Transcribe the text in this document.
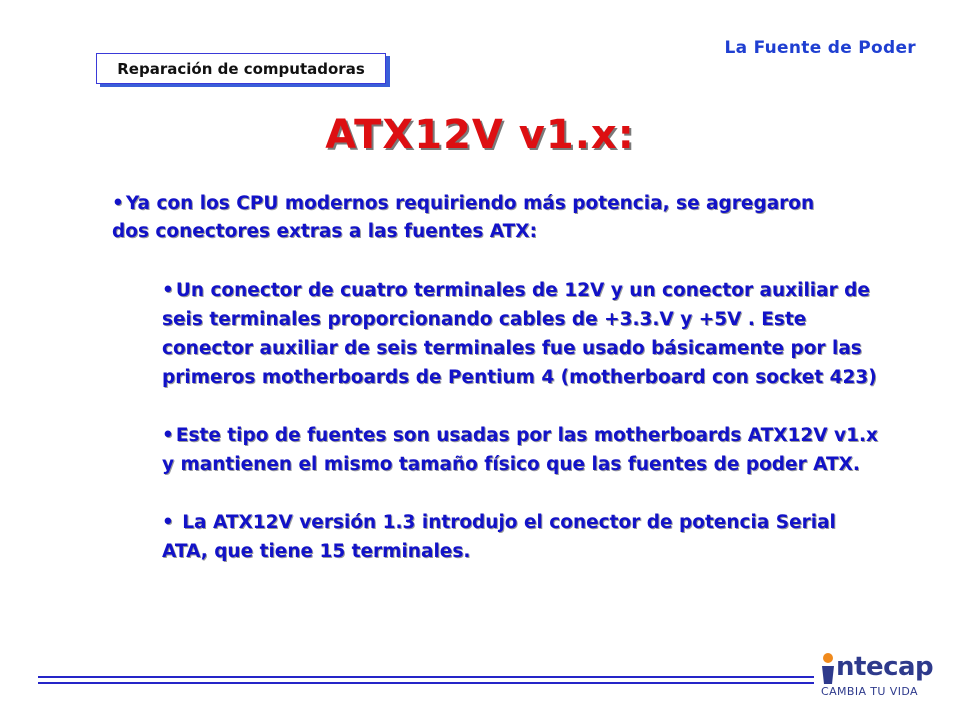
La Fuente de Poder
Reparación de computadoras
ATX12V v1.x:
• Ya con los CPU modernos requiriendo más potencia, se agregaron dos conectores extras a las fuentes ATX:
• Un conector de cuatro terminales de 12V y un conector auxiliar de seis terminales proporcionando cables de +3.3.V y +5V . Este conector auxiliar de seis terminales fue usado básicamente por las primeros motherboards de Pentium 4 (motherboard con socket 423)
• Este tipo de fuentes son usadas por las motherboards ATX12V v1.x y mantienen el mismo tamaño físico que las fuentes de poder ATX.
• La ATX12V versión 1.3 introdujo el conector de potencia Serial ATA, que tiene 15 terminales.
ntecap
CAMBIA TU VIDA
